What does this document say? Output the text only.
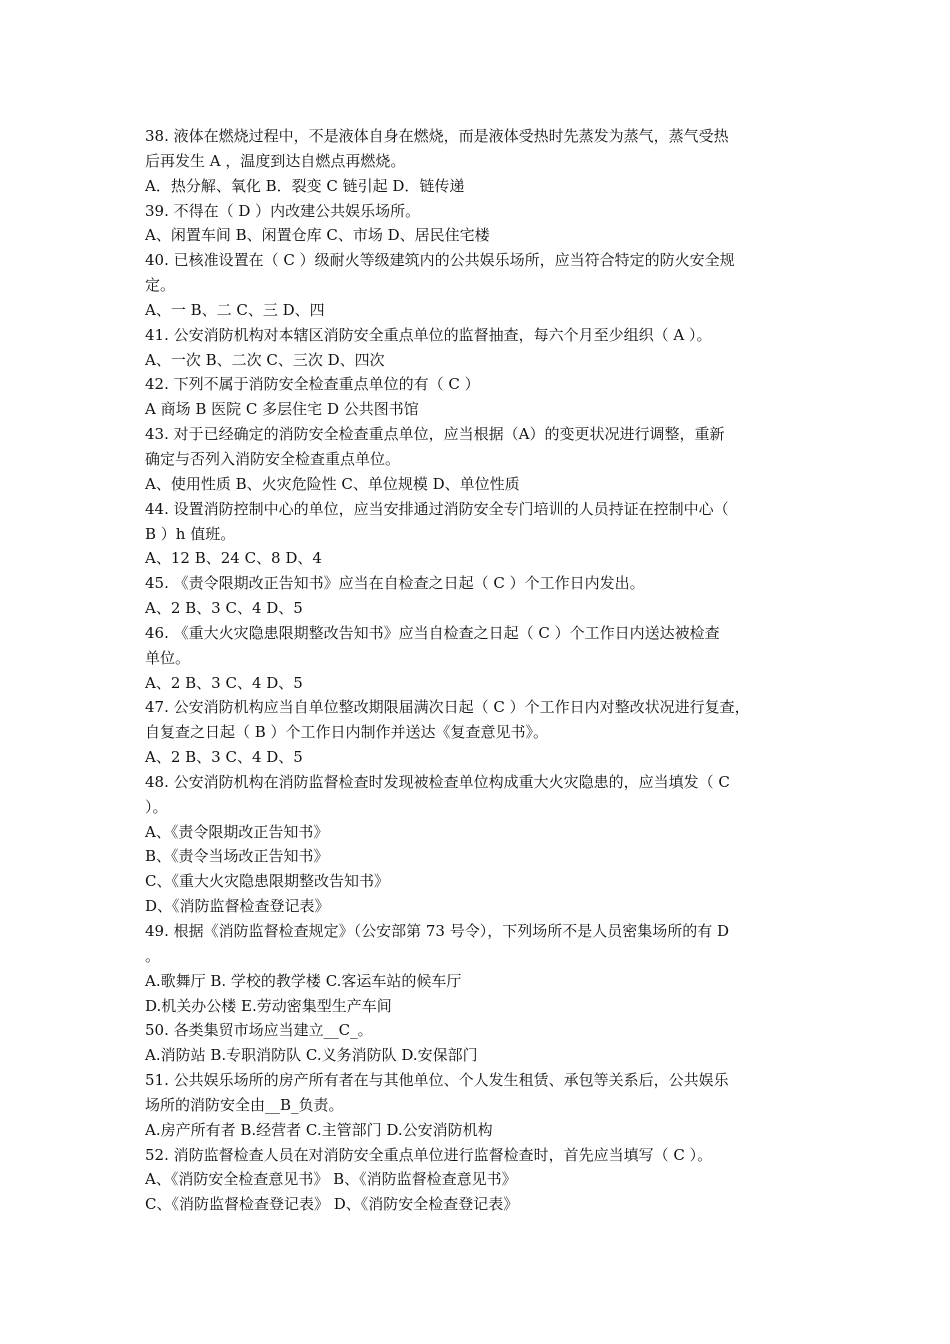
38. 液体在燃烧过程中，不是液体自身在燃烧，而是液体受热时先蒸发为蒸气，蒸气受热
后再发生 A ，温度到达自燃点再燃烧。
A．热分解、氧化 B．裂变 C 链引起 D．链传递
39. 不得在（ D ）内改建公共娱乐场所。
A、闲置车间 B、闲置仓库 C、市场 D、居民住宅楼
40. 已核准设置在（ C ）级耐火等级建筑内的公共娱乐场所，应当符合特定的防火安全规
定。
A、一 B、二 C、三 D、四
41. 公安消防机构对本辖区消防安全重点单位的监督抽查，每六个月至少组织（ A ）。
A、一次 B、二次 C、三次 D、四次
42. 下列不属于消防安全检查重点单位的有（ C ）
A 商场 B 医院 C 多层住宅 D 公共图书馆
43. 对于已经确定的消防安全检查重点单位，应当根据（A）的变更状况进行调整，重新
确定与否列入消防安全检查重点单位。
A、使用性质 B、火灾危险性 C、单位规模 D、单位性质
44. 设置消防控制中心的单位，应当安排通过消防安全专门培训的人员持证在控制中心（
B ）h 值班。
A、12 B、24 C、8 D、4
45. 《责令限期改正告知书》应当在自检查之日起（ C ）个工作日内发出。
A、2 B、3 C、4 D、5
46. 《重大火灾隐患限期整改告知书》应当自检查之日起（ C ）个工作日内送达被检查
单位。
A、2 B、3 C、4 D、5
47. 公安消防机构应当自单位整改期限届满次日起（ C ）个工作日内对整改状况进行复查，
自复查之日起（ B ）个工作日内制作并送达《复查意见书》。
A、2 B、3 C、4 D、5
48. 公安消防机构在消防监督检查时发现被检查单位构成重大火灾隐患的，应当填发（ C
）。
A、《责令限期改正告知书》
B、《责令当场改正告知书》
C、《重大火灾隐患限期整改告知书》
D、《消防监督检查登记表》
49. 根据《消防监督检查规定》（公安部第 73 号令），下列场所不是人员密集场所的有 D
。
A.歌舞厅 B. 学校的教学楼 C.客运车站的候车厅
D.机关办公楼 E.劳动密集型生产车间
50. 各类集贸市场应当建立__C_。
A.消防站 B.专职消防队 C.义务消防队 D.安保部门
51. 公共娱乐场所的房产所有者在与其他单位、个人发生租赁、承包等关系后，公共娱乐
场所的消防安全由__B_负责。
A.房产所有者 B.经营者 C.主管部门 D.公安消防机构
52. 消防监督检查人员在对消防安全重点单位进行监督检查时，首先应当填写（ C ）。
A、《消防安全检查意见书》 B、《消防监督检查意见书》
C、《消防监督检查登记表》 D、《消防安全检查登记表》
